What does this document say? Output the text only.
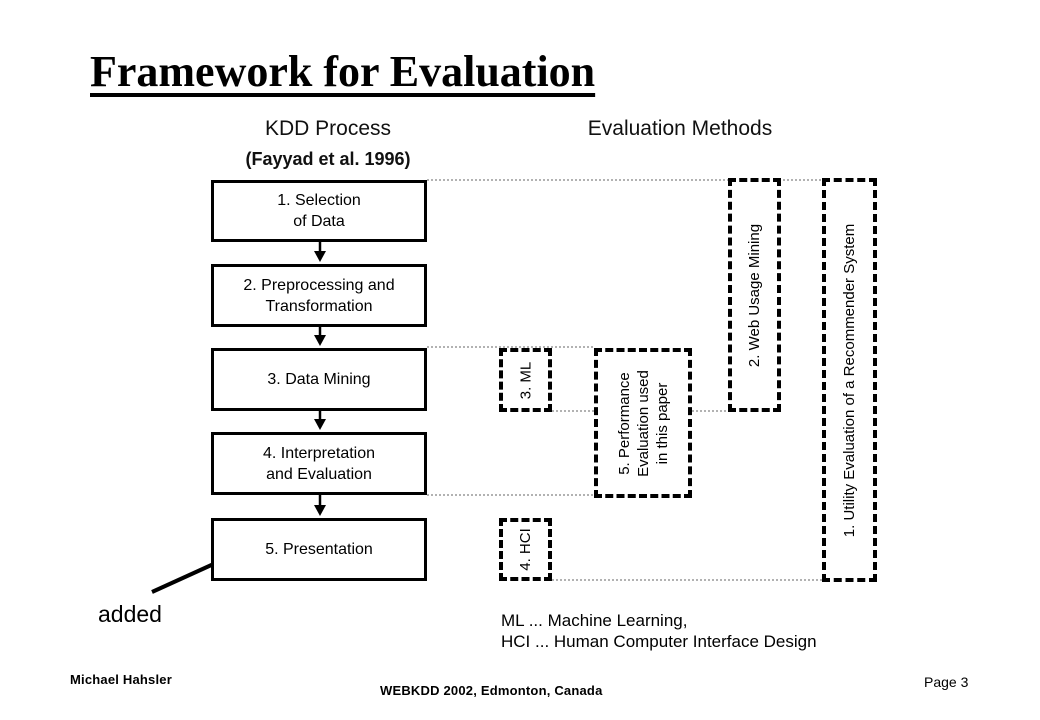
Framework for Evaluation
KDD Process
(Fayyad et al. 1996)
Evaluation Methods
1. Selection
of Data
2. Preprocessing and
Transformation
3. Data Mining
4. Interpretation
and Evaluation
5. Presentation
3. ML
4. HCI
5. Performance
Evaluation used
in this paper
2. Web Usage Mining	1. Utility Evaluation of a Recommender System
ML ... Machine Learning,
HCI ... Human Computer Interface Design
added
Michael Hahsler
WEBKDD 2002, Edmonton, Canada
Page 3
